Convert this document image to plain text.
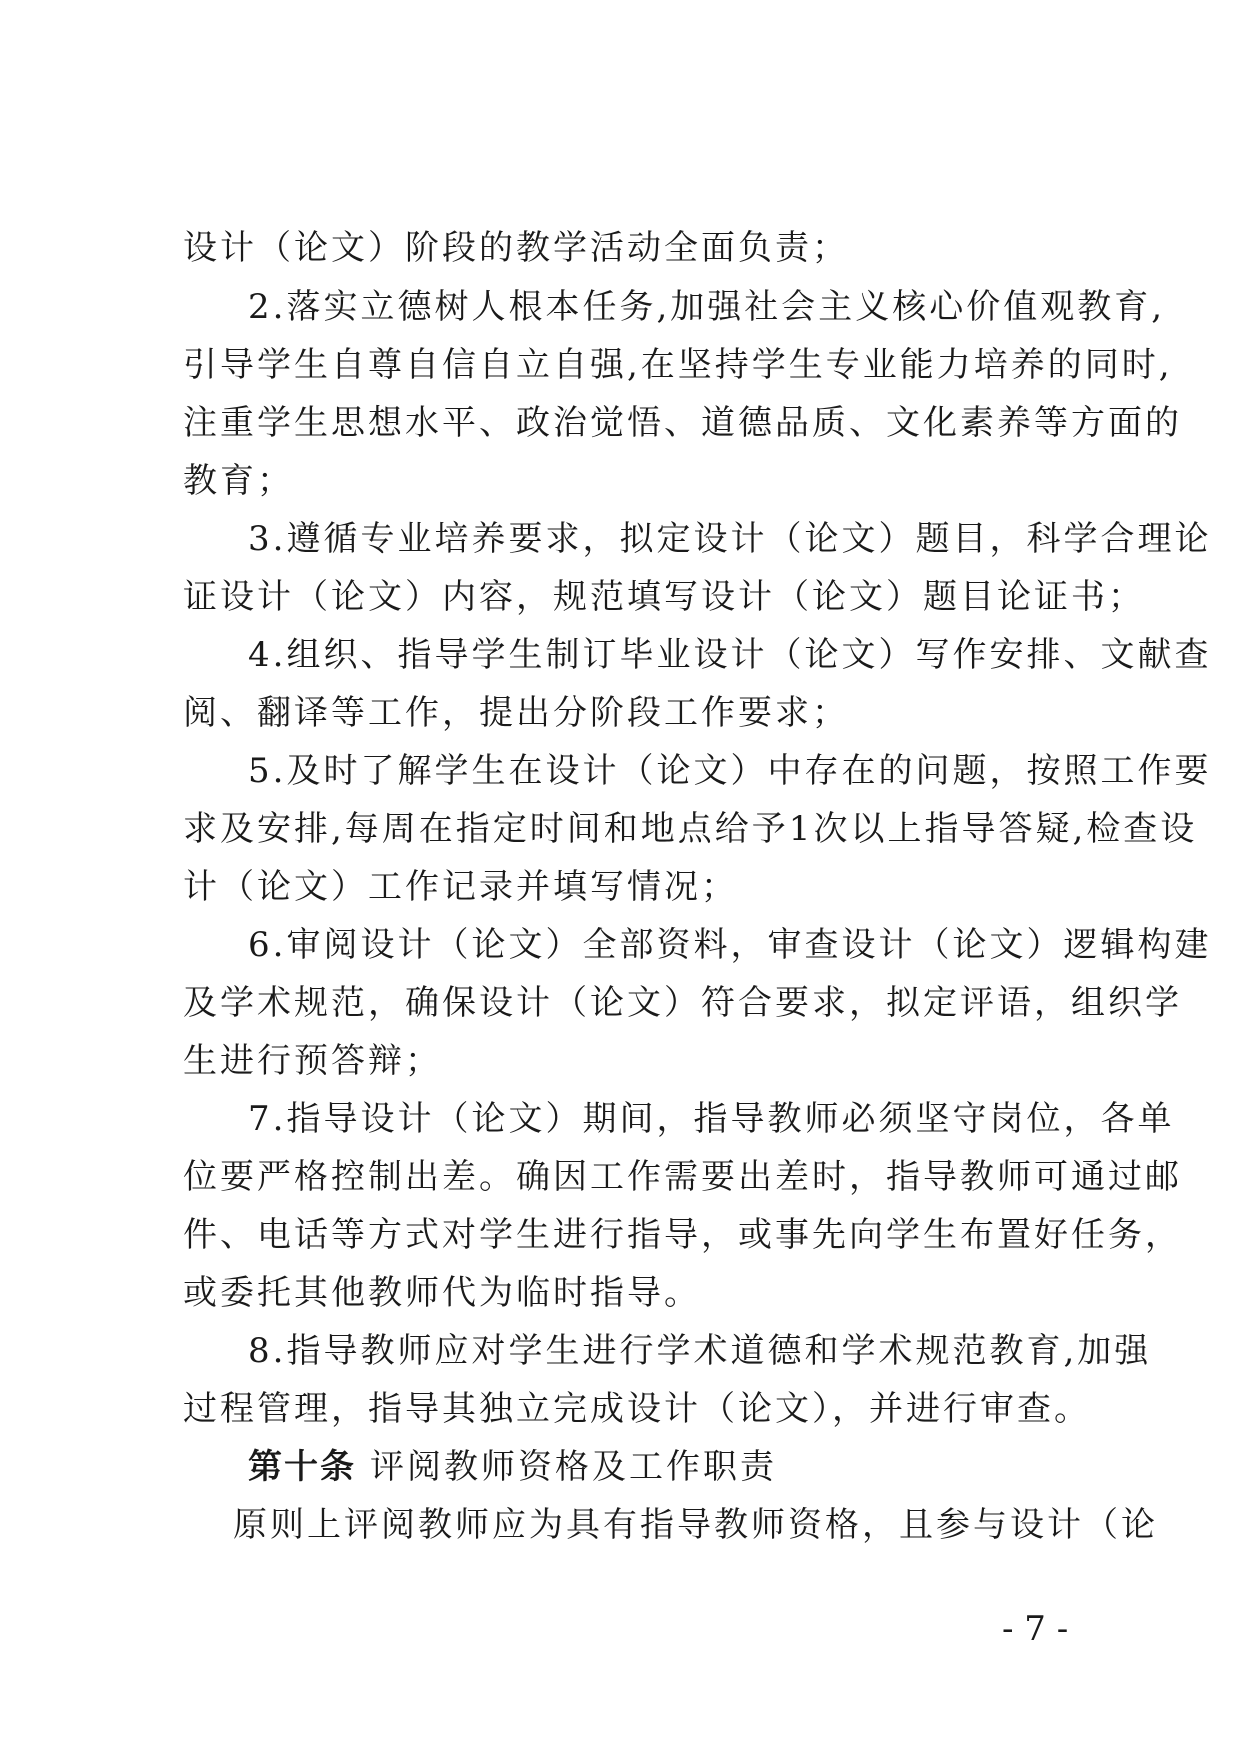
设计（论文）阶段的教学活动全面负责；
2.落实立德树人根本任务,加强社会主义核心价值观教育,
引导学生自尊自信自立自强,在坚持学生专业能力培养的同时,
注重学生思想水平、政治觉悟、道德品质、文化素养等方面的
教育；
3.遵循专业培养要求，拟定设计（论文）题目，科学合理论
证设计（论文）内容，规范填写设计（论文）题目论证书；
4.组织、指导学生制订毕业设计（论文）写作安排、文献查
阅、翻译等工作，提出分阶段工作要求；
5.及时了解学生在设计（论文）中存在的问题，按照工作要
求及安排,每周在指定时间和地点给予1次以上指导答疑,检查设
计（论文）工作记录并填写情况；
6.审阅设计（论文）全部资料，审查设计（论文）逻辑构建
及学术规范，确保设计（论文）符合要求，拟定评语，组织学
生进行预答辩；
7.指导设计（论文）期间，指导教师必须坚守岗位，各单
位要严格控制出差。确因工作需要出差时，指导教师可通过邮
件、电话等方式对学生进行指导，或事先向学生布置好任务，
或委托其他教师代为临时指导。
8.指导教师应对学生进行学术道德和学术规范教育,加强
过程管理，指导其独立完成设计（论文），并进行审查。
第十条 评阅教师资格及工作职责
原则上评阅教师应为具有指导教师资格，且参与设计（论
- 7 -
